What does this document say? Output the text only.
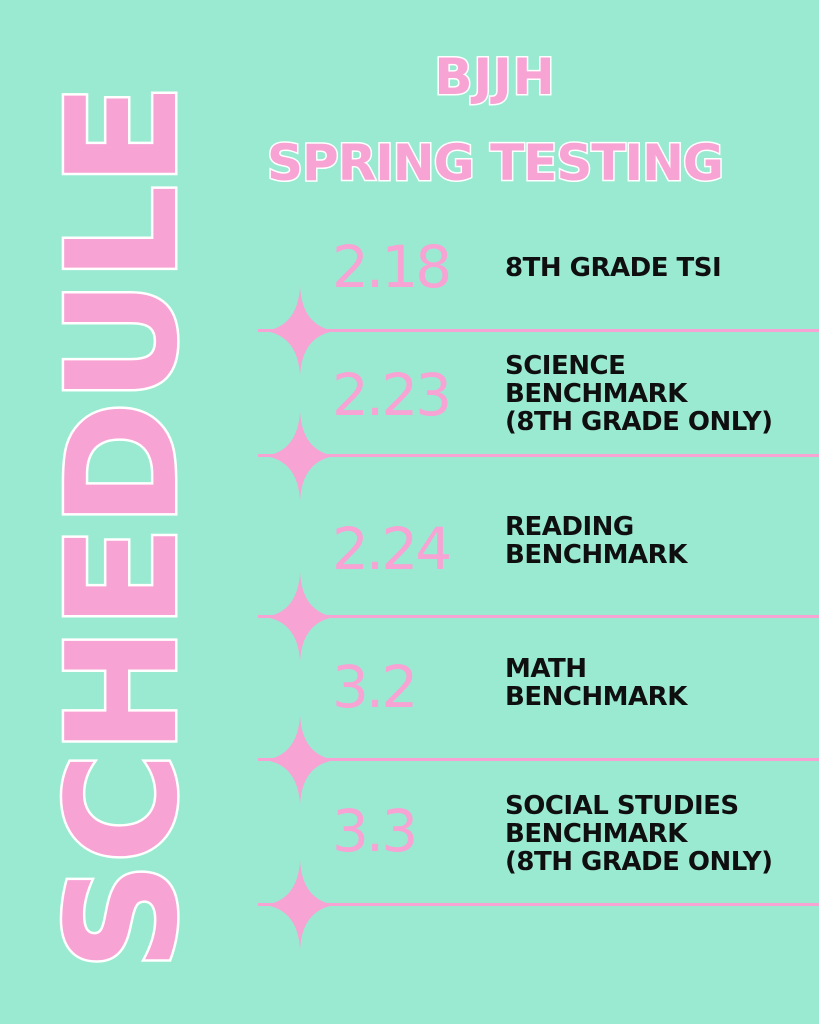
SCHEDULE
BJJH
SPRING TESTING
2.18 8TH GRADE TSI
2.23 SCIENCE
BENCHMARK
(8TH GRADE ONLY)
2.24 READING
BENCHMARK
3.2	MATH
BENCHMARK
3.3	SOCIAL STUDIES
BENCHMARK
(8TH GRADE ONLY)
